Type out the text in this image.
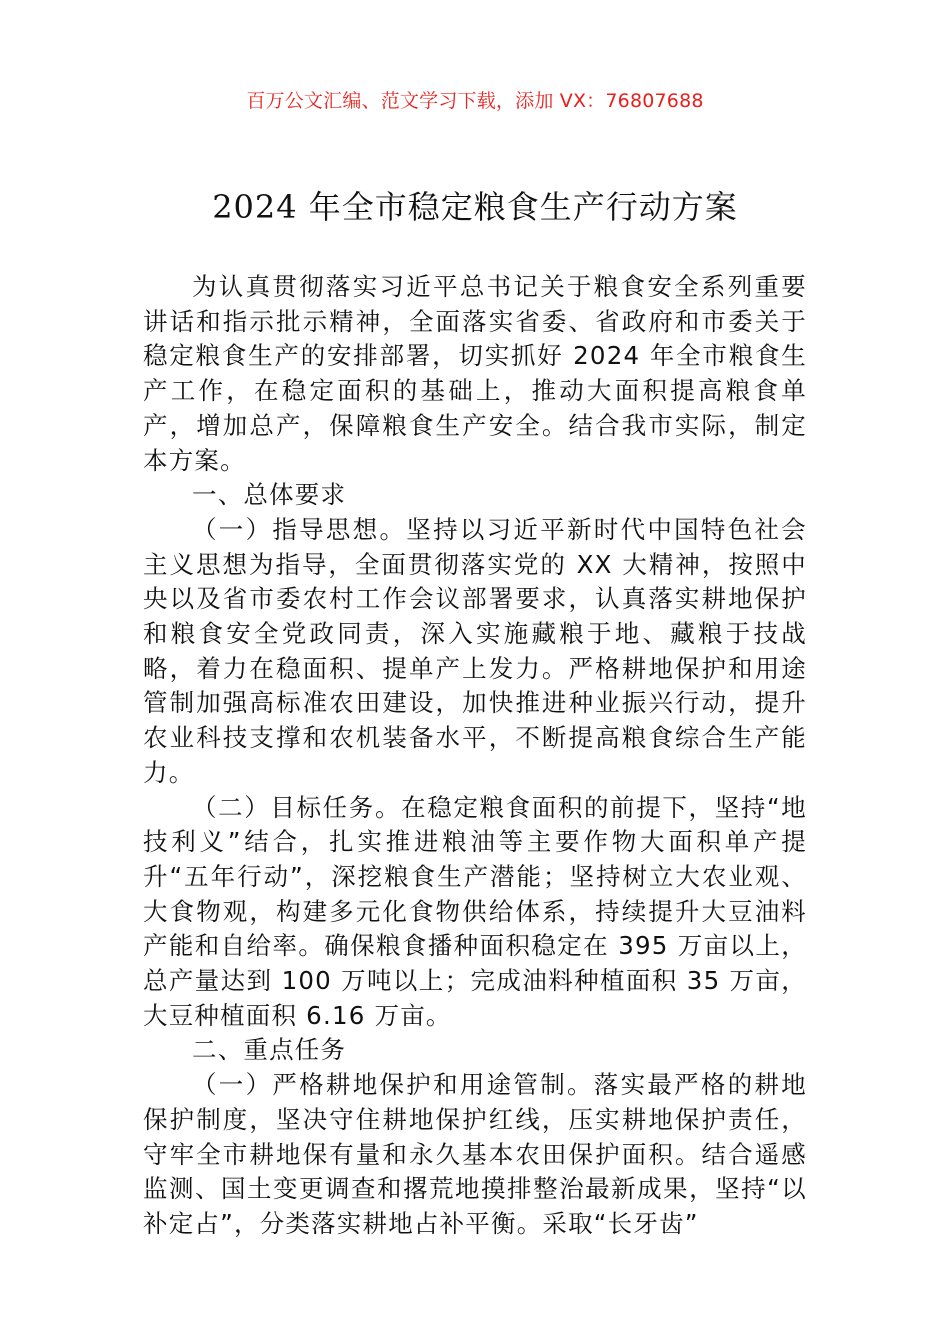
百万公文汇编、范文学习下载，添加 VX：76807688
2024 年全市稳定粮食生产行动方案

为认真贯彻落实习近平总书记关于粮食安全系列重要讲话和指示批示精神，全面落实省委、省政府和市委关于稳定粮食生产的安排部署，切实抓好 2024 年全市粮食生产工作，在稳定面积的基础上，推动大面积提高粮食单产，增加总产，保障粮食生产安全。结合我市实际，制定本方案。

一、总体要求

（一）指导思想。坚持以习近平新时代中国特色社会主义思想为指导，全面贯彻落实党的 XX 大精神，按照中央以及省市委农村工作会议部署要求，认真落实耕地保护和粮食安全党政同责，深入实施藏粮于地、藏粮于技战略，着力在稳面积、提单产上发力。严格耕地保护和用途管制加强高标准农田建设，加快推进种业振兴行动，提升农业科技支撑和农机装备水平，不断提高粮食综合生产能力。

（二）目标任务。在稳定粮食面积的前提下，坚持“地技利义”结合，扎实推进粮油等主要作物大面积单产提升“五年行动”，深挖粮食生产潜能；坚持树立大农业观、大食物观，构建多元化食物供给体系，持续提升大豆油料产能和自给率。确保粮食播种面积稳定在 395 万亩以上，总产量达到 100 万吨以上；完成油料种植面积 35 万亩，大豆种植面积 6.16 万亩。

二、重点任务

（一）严格耕地保护和用途管制。落实最严格的耕地保护制度，坚决守住耕地保护红线，压实耕地保护责任，守牢全市耕地保有量和永久基本农田保护面积。结合遥感监测、国土变更调查和撂荒地摸排整治最新成果，坚持“以补定占”，分类落实耕地占补平衡。采取“长牙齿”
